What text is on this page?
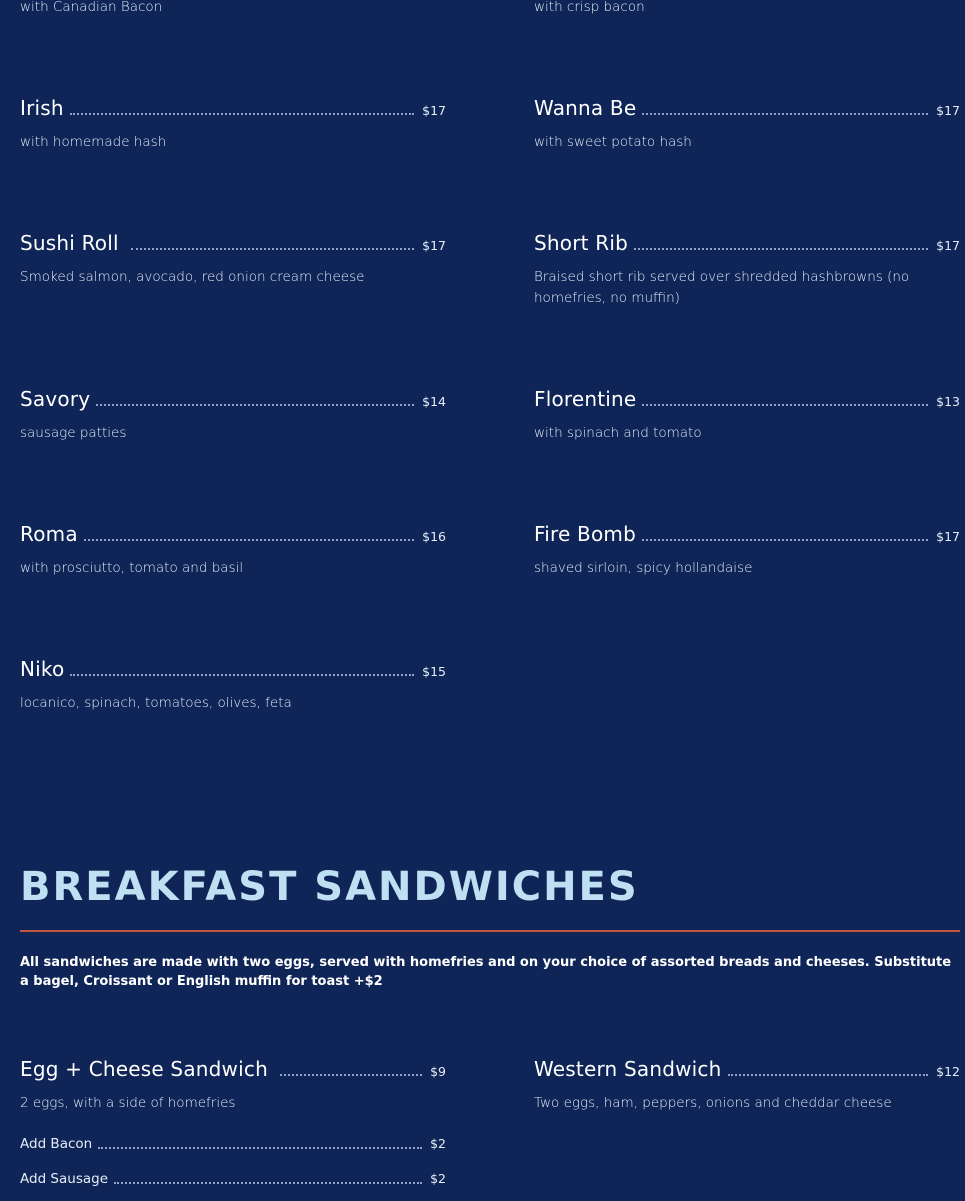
with Canadian Bacon	with crisp bacon
Irish	$17
with homemade hash
Sushi Roll	$17
Smoked salmon, avocado, red onion cream cheese
Savory	$14
sausage patties
Roma	$16
with prosciutto, tomato and basil
Niko	$15
locanico, spinach, tomatoes, olives, feta
Wanna Be	$17
with sweet potato hash
Short Rib	$17
Braised short rib served over shredded hashbrowns (no homefries, no muffin)
Florentine	$13
with spinach and tomato
Fire Bomb	$17
shaved sirloin, spicy hollandaise
BREAKFAST SANDWICHES
All sandwiches are made with two eggs, served with homefries and on your choice of assorted breads and cheeses. Substitute a bagel, Croissant or English muffin for toast +$2
Egg + Cheese Sandwich	$9
2 eggs, with a side of homefries
Add Bacon	$2
Add Sausage	$2
Western Sandwich	$12
Two eggs, ham, peppers, onions and cheddar cheese
